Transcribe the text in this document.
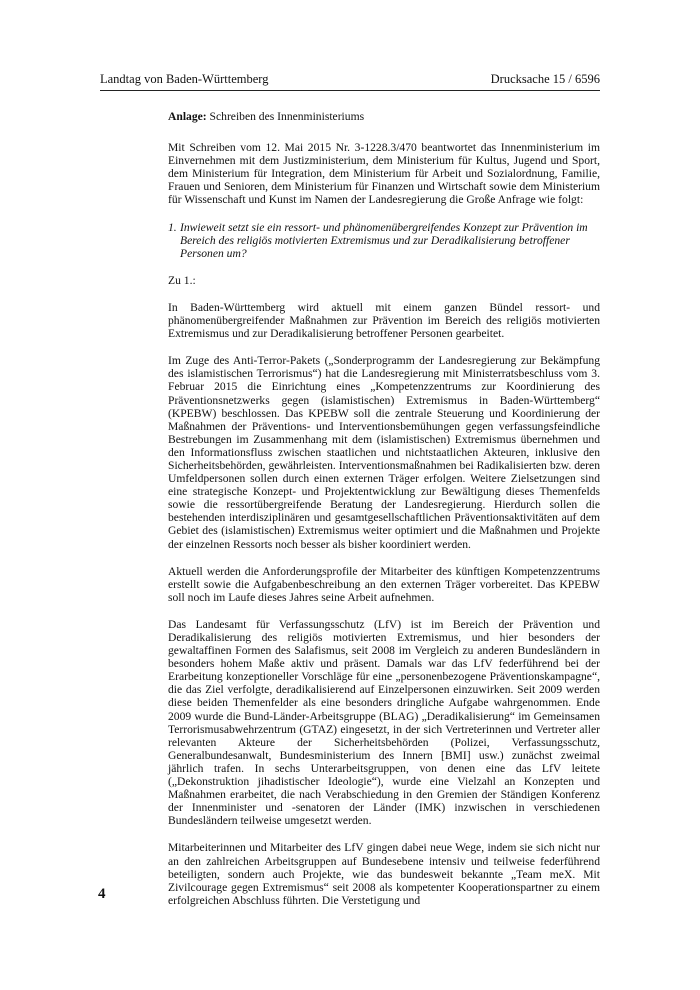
Landtag von Baden-Württemberg	Drucksache 15 / 6596

Anlage: Schreiben des Innenministeriums

Mit Schreiben vom 12. Mai 2015 Nr. 3-1228.3/470 beantwortet das Innenministerium im Einvernehmen mit dem Justizministerium, dem Ministerium für Kultus, Jugend und Sport, dem Ministerium für Integration, dem Ministerium für Arbeit und Sozialordnung, Familie, Frauen und Senioren, dem Ministerium für Finanzen und Wirtschaft sowie dem Ministerium für Wissenschaft und Kunst im Namen der Landesregierung die Große Anfrage wie folgt:

1. Inwieweit setzt sie ein ressort- und phänomenübergreifendes Konzept zur Prävention im Bereich des religiös motivierten Extremismus und zur Deradikalisierung betroffener Personen um?

Zu 1.:

In Baden-Württemberg wird aktuell mit einem ganzen Bündel ressort- und phänomenübergreifender Maßnahmen zur Prävention im Bereich des religiös motivierten Extremismus und zur Deradikalisierung betroffener Personen gearbeitet.

Im Zuge des Anti-Terror-Pakets („Sonderprogramm der Landesregierung zur Bekämpfung des islamistischen Terrorismus“) hat die Landesregierung mit Ministerratsbeschluss vom 3. Februar 2015 die Einrichtung eines „Kompetenzzentrums zur Koordinierung des Präventionsnetzwerks gegen (islamistischen) Extremismus in Baden-Württemberg“ (KPEBW) beschlossen. Das KPEBW soll die zentrale Steuerung und Koordinierung der Maßnahmen der Präventions- und Interventionsbemühungen gegen verfassungsfeindliche Bestrebungen im Zusammenhang mit dem (islamistischen) Extremismus übernehmen und den Informationsfluss zwischen staatlichen und nichtstaatlichen Akteuren, inklusive den Sicherheitsbehörden, gewährleisten. Interventionsmaßnahmen bei Radikalisierten bzw. deren Umfeldpersonen sollen durch einen externen Träger erfolgen. Weitere Zielsetzungen sind eine strategische Konzept- und Projektentwicklung zur Bewältigung dieses Themenfelds sowie die ressortübergreifende Beratung der Landesregierung. Hierdurch sollen die bestehenden interdisziplinären und gesamtgesellschaftlichen Präventionsaktivitäten auf dem Gebiet des (islamistischen) Extremismus weiter optimiert und die Maßnahmen und Projekte der einzelnen Ressorts noch besser als bisher koordiniert werden.

Aktuell werden die Anforderungsprofile der Mitarbeiter des künftigen Kompetenzzentrums erstellt sowie die Aufgabenbeschreibung an den externen Träger vorbereitet. Das KPEBW soll noch im Laufe dieses Jahres seine Arbeit aufnehmen.

Das Landesamt für Verfassungsschutz (LfV) ist im Bereich der Prävention und Deradikalisierung des religiös motivierten Extremismus, und hier besonders der gewaltaffinen Formen des Salafismus, seit 2008 im Vergleich zu anderen Bundesländern in besonders hohem Maße aktiv und präsent. Damals war das LfV federführend bei der Erarbeitung konzeptioneller Vorschläge für eine „personenbezogene Präventionskampagne“, die das Ziel verfolgte, deradikalisierend auf Einzelpersonen einzuwirken. Seit 2009 werden diese beiden Themenfelder als eine besonders dringliche Aufgabe wahrgenommen. Ende 2009 wurde die Bund-Länder-Arbeitsgruppe (BLAG) „Deradikalisierung“ im Gemeinsamen Terrorismusabwehrzentrum (GTAZ) eingesetzt, in der sich Vertreterinnen und Vertreter aller relevanten Akteure der Sicherheitsbehörden (Polizei, Verfassungsschutz, Generalbundesanwalt, Bundesministerium des Innern [BMI] usw.) zunächst zweimal jährlich trafen. In sechs Unterarbeitsgruppen, von denen eine das LfV leitete („Dekonstruktion jihadistischer Ideologie“), wurde eine Vielzahl an Konzepten und Maßnahmen erarbeitet, die nach Verabschiedung in den Gremien der Ständigen Konferenz der Innenminister und -senatoren der Länder (IMK) inzwischen in verschiedenen Bundesländern teilweise umgesetzt werden.

Mitarbeiterinnen und Mitarbeiter des LfV gingen dabei neue Wege, indem sie sich nicht nur an den zahlreichen Arbeitsgruppen auf Bundesebene intensiv und teilweise federführend beteiligten, sondern auch Projekte, wie das bundesweit bekannte „Team meX. Mit Zivilcourage gegen Extremismus“ seit 2008 als kompetenter Kooperationspartner zu einem erfolgreichen Abschluss führten. Die Verstetigung und

4
